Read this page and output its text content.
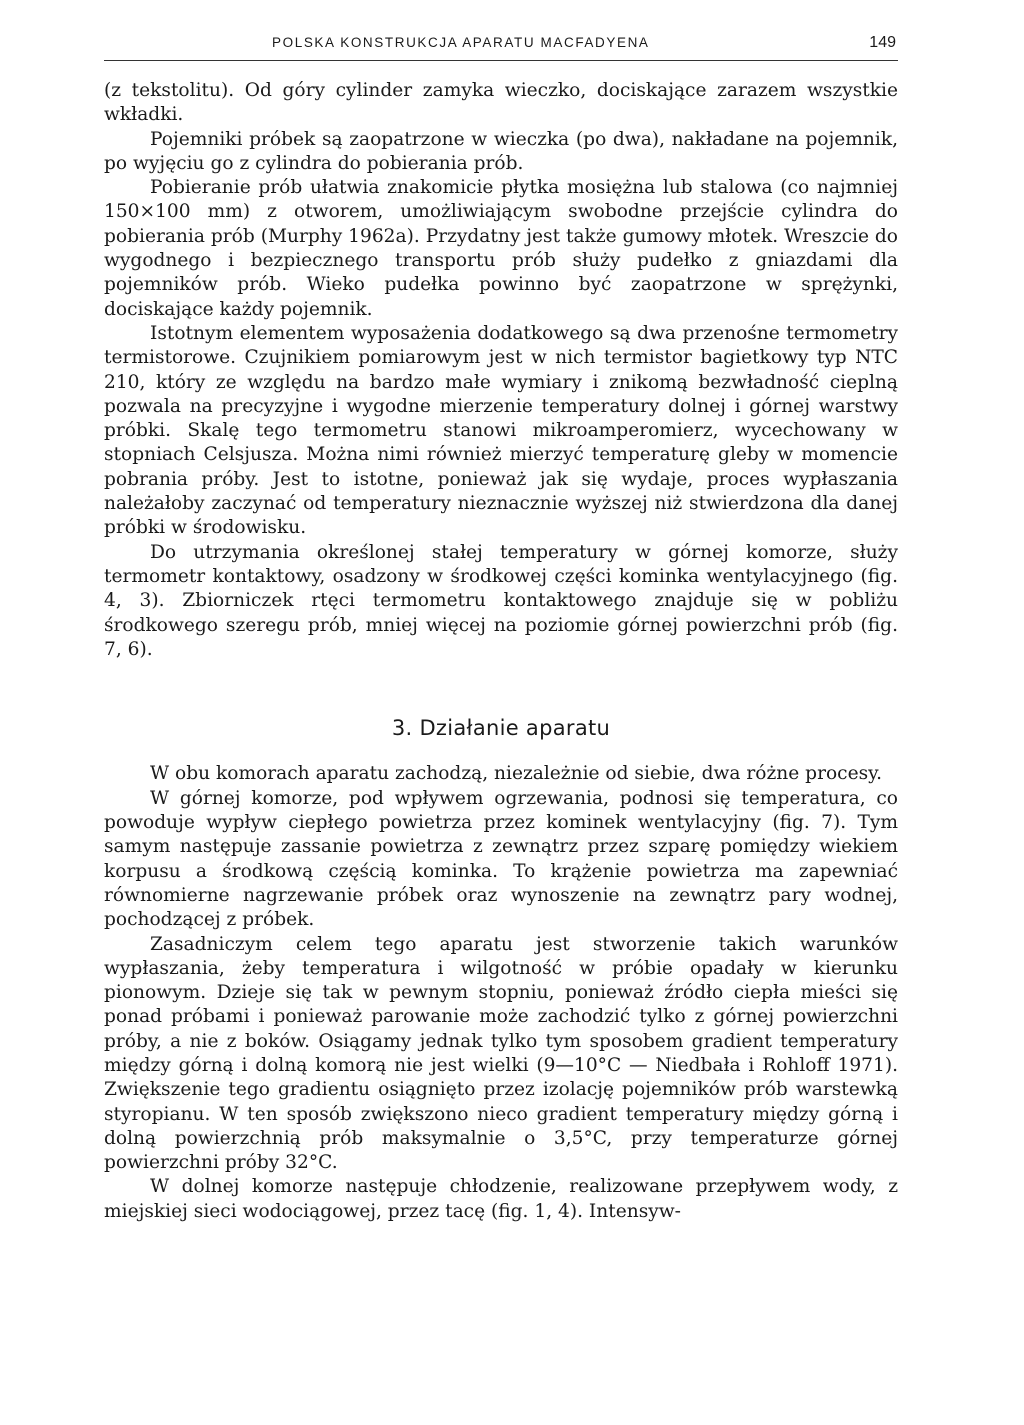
POLSKA KONSTRUKCJA APARATU MACFADYENA	149

(z tekstolitu). Od góry cylinder zamyka wieczko, dociskające zarazem wszystkie wkładki.

Pojemniki próbek są zaopatrzone w wieczka (po dwa), nakładane na pojemnik, po wyjęciu go z cylindra do pobierania prób.

Pobieranie prób ułatwia znakomicie płytka mosiężna lub stalowa (co najmniej 150×100 mm) z otworem, umożliwiającym swobodne przejście cylindra do pobierania prób (Murphy 1962a). Przydatny jest także gumowy młotek. Wreszcie do wygodnego i bezpiecznego transportu prób służy pudełko z gniazdami dla pojemników prób. Wieko pudełka powinno być zaopatrzone w sprężynki, dociskające każdy pojemnik.

Istotnym elementem wyposażenia dodatkowego są dwa przenośne termometry termistorowe. Czujnikiem pomiarowym jest w nich termistor bagietkowy typ NTC 210, który ze względu na bardzo małe wymiary i znikomą bezwładność cieplną pozwala na precyzyjne i wygodne mierzenie temperatury dolnej i górnej warstwy próbki. Skalę tego termometru stanowi mikroamperomierz, wycechowany w stopniach Celsjusza. Można nimi również mierzyć temperaturę gleby w momencie pobrania próby. Jest to istotne, ponieważ jak się wydaje, proces wypłaszania należałoby zaczynać od temperatury nieznacznie wyższej niż stwierdzona dla danej próbki w środowisku.

Do utrzymania określonej stałej temperatury w górnej komorze, służy termometr kontaktowy, osadzony w środkowej części kominka wentylacyjnego (fig. 4, 3). Zbiorniczek rtęci termometru kontaktowego znajduje się w pobliżu środkowego szeregu prób, mniej więcej na poziomie górnej powierzchni prób (fig. 7, 6).

3. Działanie aparatu

W obu komorach aparatu zachodzą, niezależnie od siebie, dwa różne procesy.

W górnej komorze, pod wpływem ogrzewania, podnosi się temperatura, co powoduje wypływ ciepłego powietrza przez kominek wentylacyjny (fig. 7). Tym samym następuje zassanie powietrza z zewnątrz przez szparę pomiędzy wiekiem korpusu a środkową częścią kominka. To krążenie powietrza ma zapewniać równomierne nagrzewanie próbek oraz wynoszenie na zewnątrz pary wodnej, pochodzącej z próbek.

Zasadniczym celem tego aparatu jest stworzenie takich warunków wypłaszania, żeby temperatura i wilgotność w próbie opadały w kierunku pionowym. Dzieje się tak w pewnym stopniu, ponieważ źródło ciepła mieści się ponad próbami i ponieważ parowanie może zachodzić tylko z górnej powierzchni próby, a nie z boków. Osiągamy jednak tylko tym sposobem gradient temperatury między górną i dolną komorą nie jest wielki (9—10°C — Niedbała i Rohloff 1971). Zwiększenie tego gradientu osiągnięto przez izolację pojemników prób warstewką styropianu. W ten sposób zwiększono nieco gradient temperatury między górną i dolną powierzchnią prób maksymalnie o 3,5°C, przy temperaturze górnej powierzchni próby 32°C.

W dolnej komorze następuje chłodzenie, realizowane przepływem wody, z miejskiej sieci wodociągowej, przez tacę (fig. 1, 4). Intensyw-
